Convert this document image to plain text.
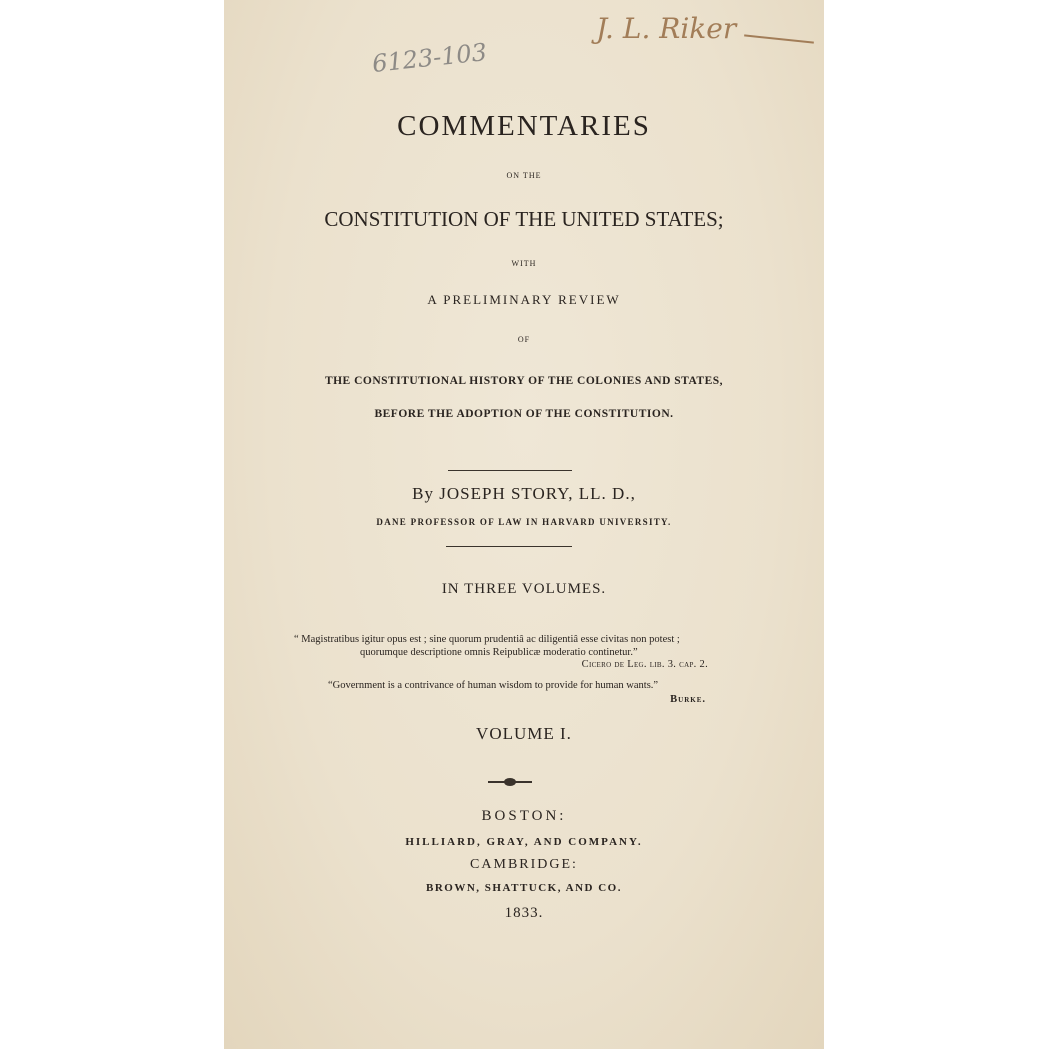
6123-103
J. L. Riker
COMMENTARIES
ON THE
CONSTITUTION OF THE UNITED STATES;
WITH
A PRELIMINARY REVIEW
OF
THE CONSTITUTIONAL HISTORY OF THE COLONIES AND STATES,
BEFORE THE ADOPTION OF THE CONSTITUTION.
By JOSEPH STORY, LL. D.,
DANE PROFESSOR OF LAW IN HARVARD UNIVERSITY.
IN THREE VOLUMES.
“ Magistratibus igitur opus est ; sine quorum prudentiâ ac diligentiâ esse civitas non potest ;
quorumque descriptione omnis Reipublicæ moderatio continetur.”
Cicero de Leg. lib. 3. cap. 2.
“Government is a contrivance of human wisdom to provide for human wants.”
Burke.
VOLUME I.
BOSTON:
HILLIARD, GRAY, AND COMPANY.
CAMBRIDGE:
BROWN, SHATTUCK, AND CO.
1833.
